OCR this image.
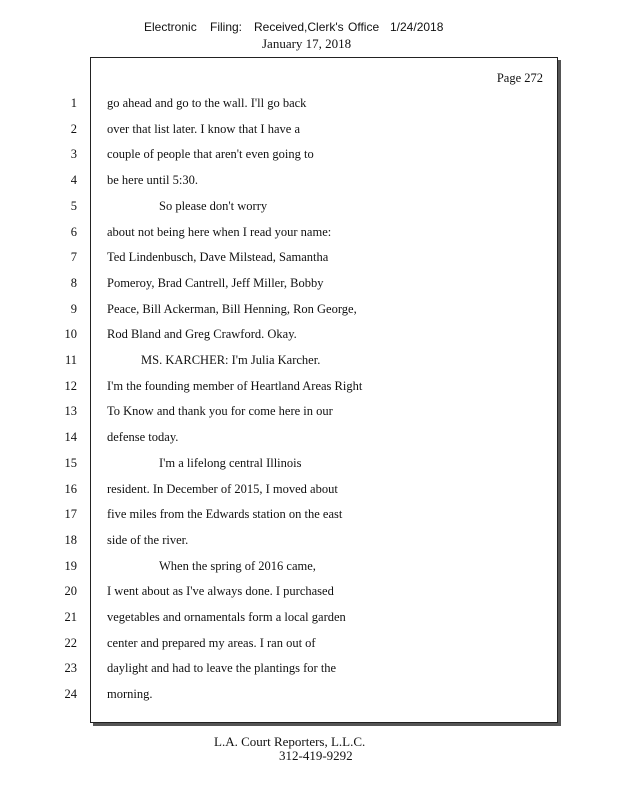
Electronic Filing: Received,Clerk's Office 1/24/2018
January 17, 2018
Page 272
1 go ahead and go to the wall. I'll go back
2 over that list later. I know that I have a
3 couple of people that aren't even going to
4 be here until 5:30.
5	So please don't worry
6 about not being here when I read your name:
7 Ted Lindenbusch, Dave Milstead, Samantha
8 Pomeroy, Brad Cantrell, Jeff Miller, Bobby
9 Peace, Bill Ackerman, Bill Henning, Ron George,
10 Rod Bland and Greg Crawford. Okay.
11	MS. KARCHER: I'm Julia Karcher.
12 I'm the founding member of Heartland Areas Right
13 To Know and thank you for come here in our
14 defense today.
15	I'm a lifelong central Illinois
16 resident. In December of 2015, I moved about
17 five miles from the Edwards station on the east
18 side of the river.
19	When the spring of 2016 came,
20 I went about as I've always done. I purchased
21 vegetables and ornamentals form a local garden
22 center and prepared my areas. I ran out of
23 daylight and had to leave the plantings for the
24 morning.
L.A. Court Reporters, L.L.C.
312-419-9292
